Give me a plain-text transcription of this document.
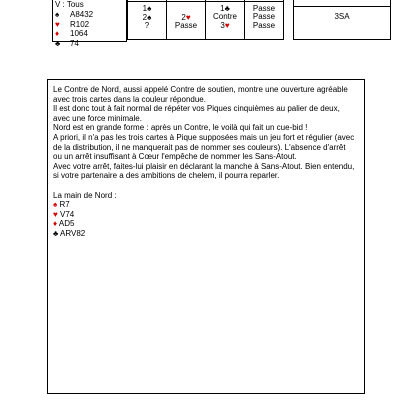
V : Tous
♠ A8432
♥ R102
♦ 1064
♣ 74
1♠
2♠
?
2♥
Passe
1♣
Contre
3♥
Passe
Passe
Passe
3SA
Le Contre de Nord, aussi appelé Contre de soutien, montre une ouverture agréable
avec trois cartes dans la couleur répondue.
Il est donc tout à fait normal de répéter vos Piques cinquièmes au palier de deux,
avec une force minimale.
Nord est en grande forme : après un Contre, le voilà qui fait un cue-bid !
A priori, il n'a pas les trois cartes à Pique supposées mais un jeu fort et régulier (avec
de la distribution, il ne manquerait pas de nommer ses couleurs). L'absence d'arrêt
ou un arrêt insuffisant à Cœur l'empêche de nommer les Sans-Atout.
Avec votre arrêt, faites-lui plaisir en déclarant la manche à Sans-Atout. Bien entendu,
si votre partenaire a des ambitions de chelem, il pourra reparler.
La main de Nord :
♠ R7
♥ V74
♦ AD5
♣ ARV82
